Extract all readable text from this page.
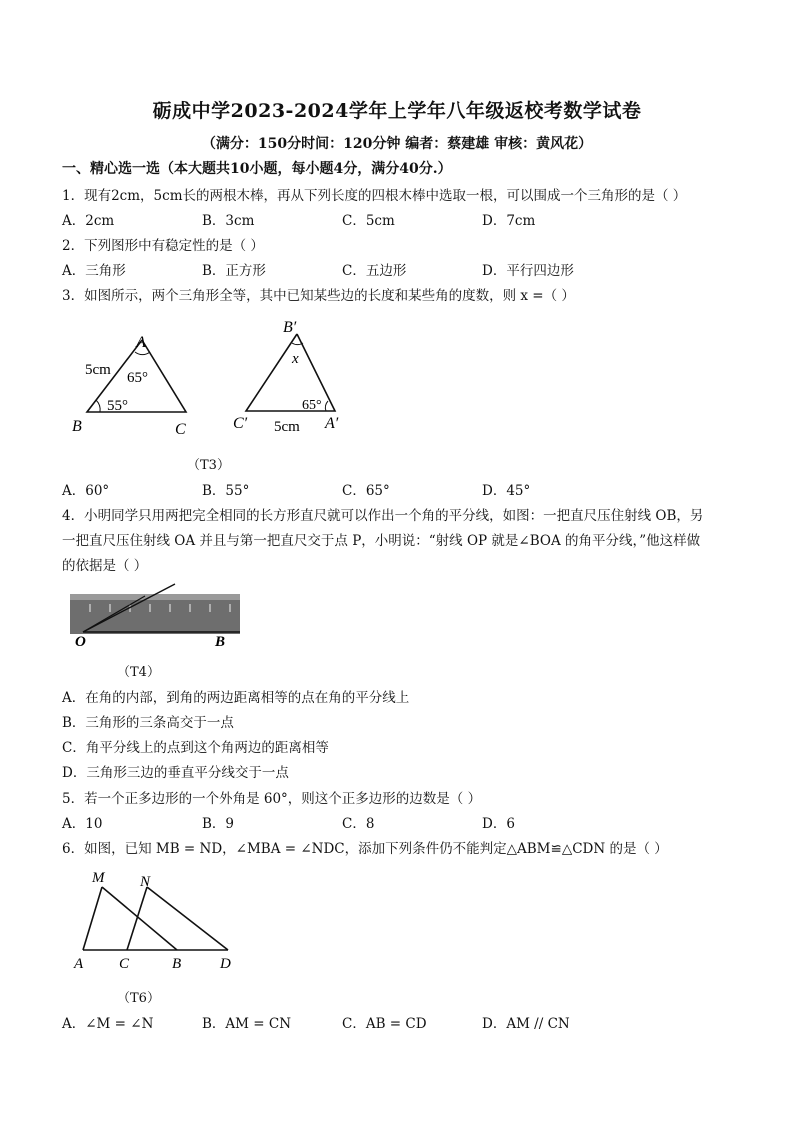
砺成中学2023-2024学年上学年八年级返校考数学试卷
（满分：150分时间：120分钟 编者：蔡建雄 审核：黄风花）
一、精心选一选（本大题共10小题，每小题4分，满分40分.）
1．现有2cm，5cm长的两根木棒，再从下列长度的四根木棒中选取一根，可以围成一个三角形的是（ ）
A．2cm	B．3cm	C．5cm	D．7cm
2．下列图形中有稳定性的是（ ）
A．三角形	B．正方形	C．五边形	D．平行四边形
3．如图所示，两个三角形全等，其中已知某些边的长度和某些角的度数，则 x =（ ）
A
B	C
5cm 65°
55°
B′
C′	A′
x
65°
5cm
（T3）
A．60°	B．55°	C．65°	D．45°
4．小明同学只用两把完全相同的长方形直尺就可以作出一个角的平分线，如图：一把直尺压住射线 OB，另
一把直尺压住射线 OA 并且与第一把直尺交于点 P，小明说：“射线 OP 就是∠BOA 的角平分线，”他这样做
的依据是（ ）
O	B
（T4）
A．在角的内部，到角的两边距离相等的点在角的平分线上
B．三角形的三条高交于一点
C．角平分线上的点到这个角两边的距离相等
D．三角形三边的垂直平分线交于一点
5．若一个正多边形的一个外角是 60°，则这个正多边形的边数是（ ）
A．10	B．9	C．8	D．6
6．如图，已知 MB = ND，∠MBA = ∠NDC，添加下列条件仍不能判定△ABM≌△CDN 的是（ ）
M N
A C	B	D
（T6）
A．∠M = ∠N	B．AM = CN	C．AB = CD	D．AM // CN
